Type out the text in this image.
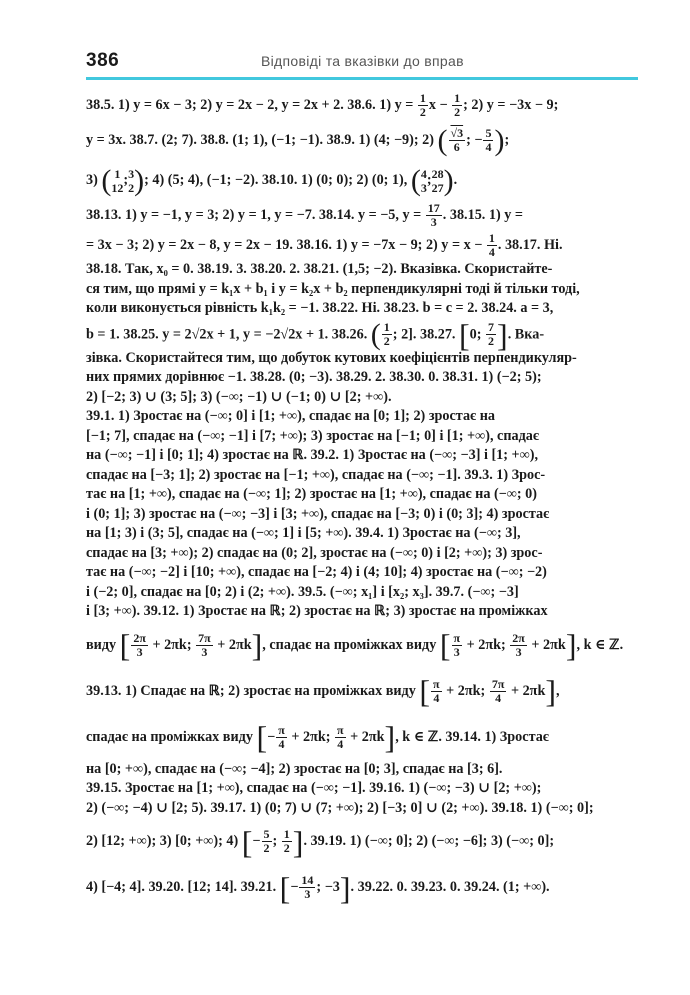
386	Відповіді та вказівки до вправ
38.5. 1) y = 6x − 3; 2) y = 2x − 2, y = 2x + 2. 38.6. 1) $y = \frac{1}{2}$ $x - \frac{1}{2}$ ; 2) y = −3x − 9;
y = 3x. 38.7. (2; 7). 38.8. (1; 1), (−1; −1). 38.9. 1) (4; −9); 2) ( $\frac{√3}{6}$ ; − $\frac{5}{4}$ );
3) ( 1
12 ; 3
2 ); 4) (5; 4), (−1; −2). 38.10. 1) (0; 0); 2) (0; 1), ( 4
3 ; 28
27 ).
38.13. 1) y = −1, y = 3; 2) y = 1, y = −7. 38.14. y = −5, $y = \frac{17}{3}$ . 38.15. 1) y =
= 3x − 3; 2) y = 2x − 8, y = 2x − 19. 38.16. 1) y = −7x − 9; 2) $y = x - \frac{1}{4}$ . 38.17. Ні.
38.18. Так, x₀ = 0. 38.19. 3. 38.20. 2. 38.21. (1,5; −2). Вказівка. Скористайте-
ся тим, що прямі y = k₁x + b₁ і y = k₂x + b₂ перпендикулярні тоді й тільки тоді,
коли виконується рівність k₁k₂ = −1. 38.22. Ні. 38.23. b = c = 2. 38.24. a = 3,
b = 1. 38.25. y = 2√2x + 1, y = −2√2x + 1. 38.26. ( $\frac{1}{2}$ ; 2]. 38.27. [0; $\frac{7}{2}$ ]. Вка-
зівка. Скористайтеся тим, що добуток кутових коефіцієнтів перпендикуляр-
них прямих дорівнює −1. 38.28. (0; −3). 38.29. 2. 38.30. 0. 38.31. 1) (−2; 5);
2) [−2; 3) ∪ (3; 5]; 3) (−∞; −1) ∪ (−1; 0) ∪ [2; +∞).
39.1. 1) Зростає на (−∞; 0] і [1; +∞), спадає на [0; 1]; 2) зростає на
[−1; 7], спадає на (−∞; −1] і [7; +∞); 3) зростає на [−1; 0] і [1; +∞), спадає
на (−∞; −1] і [0; 1]; 4) зростає на ℝ. 39.2. 1) Зростає на (−∞; −3] і [1; +∞),
спадає на [−3; 1]; 2) зростає на [−1; +∞), спадає на (−∞; −1]. 39.3. 1) Зрос-
тає на [1; +∞), спадає на (−∞; 1]; 2) зростає на [1; +∞), спадає на (−∞; 0)
і (0; 1]; 3) зростає на (−∞; −3] і [3; +∞), спадає на [−3; 0) і (0; 3]; 4) зростає
на [1; 3) і (3; 5], спадає на (−∞; 1] і [5; +∞). 39.4. 1) Зростає на (−∞; 3],
спадає на [3; +∞); 2) спадає на (0; 2], зростає на (−∞; 0) і [2; +∞); 3) зрос-
тає на (−∞; −2] і [10; +∞), спадає на [−2; 4) і (4; 10]; 4) зростає на (−∞; −2)
і (−2; 0], спадає на [0; 2) і (2; +∞). 39.5. (−∞; x₁] і [x₂; x₃]. 39.7. (−∞; −3]
і [3; +∞). 39.12. 1) Зростає на ℝ; 2) зростає на ℝ; 3) зростає на проміжках
виду [ $\frac{2\pi}{3} + 2\pi k$; $\frac{7\pi}{3} + 2\pi k$], спадає на проміжках виду [ $\frac{\pi}{3} + 2\pi k$; $\frac{2\pi}{3} + 2\pi k$], k ∈ ℤ.
39.13. 1) Спадає на ℝ; 2) зростає на проміжках виду [ $\frac{\pi}{4} + 2\pi k$; $\frac{7\pi}{4} + 2\pi k$],
спадає на проміжках виду [− $\frac{\pi}{4} + 2\pi k$; $\frac{\pi}{4} + 2\pi k$], k ∈ ℤ. 39.14. 1) Зростає
на [0; +∞), спадає на (−∞; −4]; 2) зростає на [0; 3], спадає на [3; 6].
39.15. Зростає на [1; +∞), спадає на (−∞; −1]. 39.16. 1) (−∞; −3) ∪ [2; +∞);
2) (−∞; −4) ∪ [2; 5). 39.17. 1) (0; 7) ∪ (7; +∞); 2) [−3; 0] ∪ (2; +∞). 39.18. 1) (−∞; 0];
2) [12; +∞); 3) [0; +∞); 4) [− $\frac{5}{2}$ ; $\frac{1}{2}$ ]. 39.19. 1) (−∞; 0]; 2) (−∞; −6]; 3) (−∞; 0];
4) [−4; 4]. 39.20. [12; 14]. 39.21. [− $\frac{14}{3}$ ; −3]. 39.22. 0. 39.23. 0. 39.24. (1; +∞).
